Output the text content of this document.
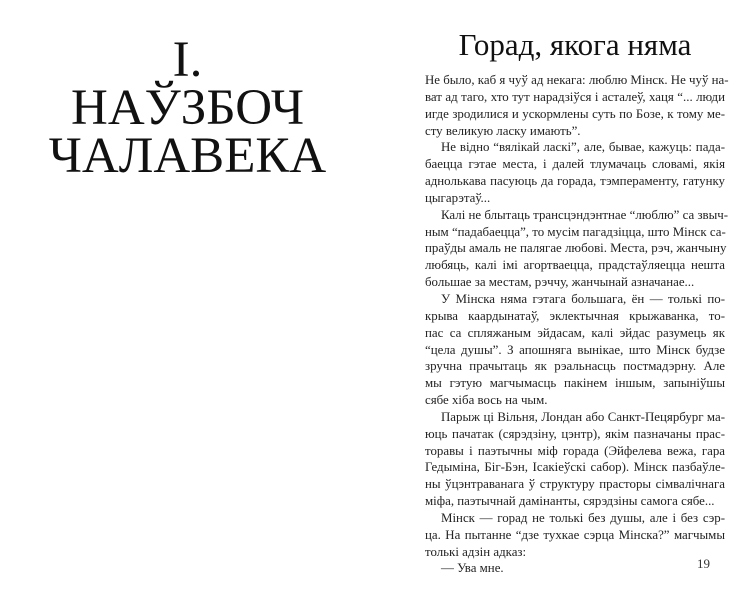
I.
НАЎЗБОЧ
ЧАЛАВЕКА
Горад, якога няма
Не было, каб я чуў ад некага: люблю Мінск. Не чуў на-
ват ад таго, хто тут нарадзіўся і асталеў, хаця “... люди
игде зродилися и ускормлены суть по Бозе, к тому ме-
сту великую ласку имають”.
Не відно “вялікай ласкі”, але, бывае, кажуць: пада-
баецца гэтае места, і далей тлумачаць словамі, якія
аднолькава пасуюць да горада, тэмпераменту, гатунку
цыгарэтаў...
Калі не блытаць трансцэндэнтнае “люблю” са звыч-
ным “падабаецца”, то мусім пагадзіцца, што Мінск са-
праўды амаль не палягае любові. Места, рэч, жанчыну
любяць, калі імі агортваецца, прадстаўляецца нешта
большае за местам, рэччу, жанчынай азначанае...
У Мінска няма гэтага большага, ён — толькі по-
крыва каардынатаў, эклектычная крыжаванка, то-
пас са спляжаным эйдасам, калі эйдас разумець як
“цела душы”. З апошняга вынікае, што Мінск будзе
зручна прачытаць як рэальнасць постмадэрну. Але
мы гэтую магчымасць пакінем іншым, запыніўшы
сябе хіба вось на чым.
Парыж ці Вільня, Лондан або Санкт-Пецярбург ма-
юць пачатак (сярэдзіну, цэнтр), якім пазначаны прас-
торавы і паэтычны міф горада (Эйфелева вежа, гара
Гедыміна, Біг-Бэн, Ісакіеўскі сабор). Мінск пазбаўле-
ны ўцэнтраванага ў структуру прасторы сімвалічнага
міфа, паэтычнай дамінанты, сярэдзіны самога сябе...
Мінск — горад не толькі без душы, але і без сэр-
ца. На пытанне “дзе тухкае сэрца Мінска?” магчымы
толькі адзін адказ:
— Ува мне.	19
